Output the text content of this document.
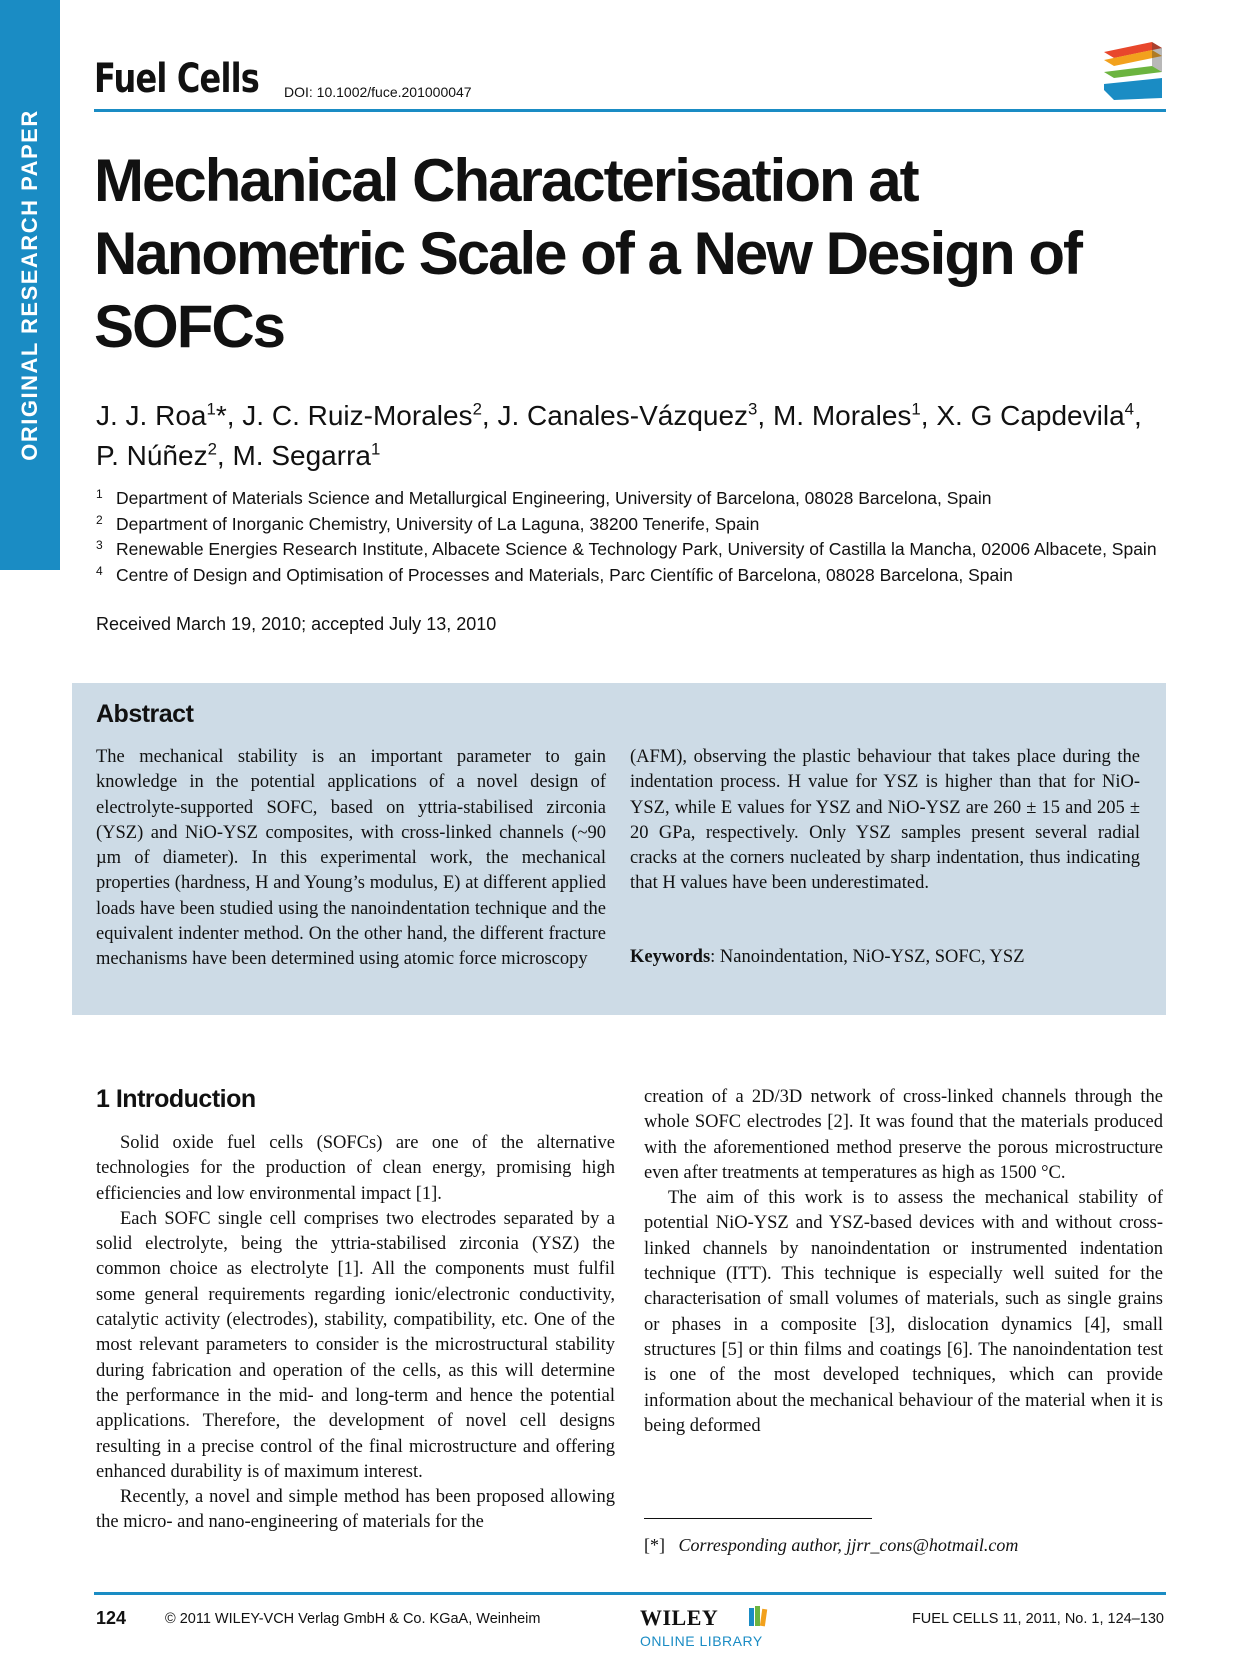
ORIGINAL RESEARCH PAPER
Fuel Cells DOI: 10.1002/fuce.201000047
Mechanical Characterisation at Nanometric Scale of a New Design of SOFCs
J. J. Roa$^1$*, J. C. Ruiz-Morales$^2$, J. Canales-Vázquez$^3$, M. Morales$^1$, X. G Capdevila$^4$,
P. Núñez$^2$, M. Segarra$^1$
1 Department of Materials Science and Metallurgical Engineering, University of Barcelona, 08028 Barcelona, Spain
2 Department of Inorganic Chemistry, University of La Laguna, 38200 Tenerife, Spain
3 Renewable Energies Research Institute, Albacete Science & Technology Park, University of Castilla la Mancha, 02006 Albacete, Spain
4 Centre of Design and Optimisation of Processes and Materials, Parc Científic of Barcelona, 08028 Barcelona, Spain
Received March 19, 2010; accepted July 13, 2010
Abstract
The mechanical stability is an important parameter to gain knowledge in the potential applications of a novel design of electrolyte-supported SOFC, based on yttria-stabilised zirconia (YSZ) and NiO-YSZ composites, with cross-linked channels (~90 µm of diameter). In this experimental work, the mechanical properties (hardness, H and Young’s modulus, E) at different applied loads have been studied using the nanoindentation technique and the equivalent indenter method. On the other hand, the different fracture mechanisms have been determined using atomic force microscopy
(AFM), observing the plastic behaviour that takes place during the indentation process. H value for YSZ is higher than that for NiO-YSZ, while E values for YSZ and NiO-YSZ are 260 ± 15 and 205 ± 20 GPa, respectively. Only YSZ samples present several radial cracks at the corners nucleated by sharp indentation, thus indicating that H values have been underestimated.
Keywords: Nanoindentation, NiO-YSZ, SOFC, YSZ
1 Introduction

Solid oxide fuel cells (SOFCs) are one of the alternative technologies for the production of clean energy, promising high efficiencies and low environmental impact [1].

Each SOFC single cell comprises two electrodes separated by a solid electrolyte, being the yttria-stabilised zirconia (YSZ) the common choice as electrolyte [1]. All the components must fulfil some general requirements regarding ionic/electronic conductivity, catalytic activity (electrodes), stability, compatibility, etc. One of the most relevant parameters to consider is the microstructural stability during fabrication and operation of the cells, as this will determine the performance in the mid- and long-term and hence the potential applications. Therefore, the development of novel cell designs resulting in a precise control of the final microstructure and offering enhanced durability is of maximum interest.

Recently, a novel and simple method has been proposed allowing the micro- and nano-engineering of materials for the

creation of a 2D/3D network of cross-linked channels through the whole SOFC electrodes [2]. It was found that the materials produced with the aforementioned method preserve the porous microstructure even after treatments at temperatures as high as 1500 °C.

The aim of this work is to assess the mechanical stability of potential NiO-YSZ and YSZ-based devices with and without cross-linked channels by nanoindentation or instrumented indentation technique (ITT). This technique is especially well suited for the characterisation of small volumes of materials, such as single grains or phases in a composite [3], dislocation dynamics [4], small structures [5] or thin films and coatings [6]. The nanoindentation test is one of the most developed techniques, which can provide information about the mechanical behaviour of the material when it is being deformed

[*] Corresponding author, jjrr_cons@hotmail.com
124	© 2011 WILEY-VCH Verlag GmbH & Co. KGaA, Weinheim	WILEY
ONLINE LIBRARY
FUEL CELLS 11, 2011, No. 1, 124–130
